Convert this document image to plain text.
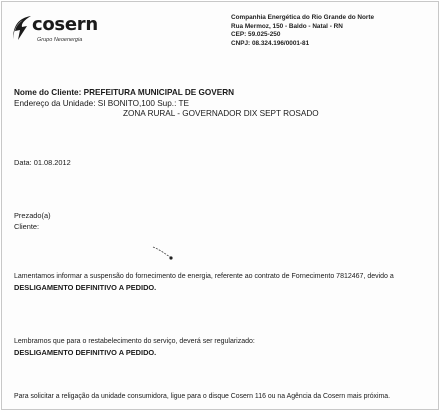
cosern
Grupo Neoenergia
Companhia Energética do Rio Grande do Norte
Rua Mermoz, 150 - Baldo - Natal - RN
CEP: 59.025-250
CNPJ: 08.324.196/0001-81
Nome do Cliente: PREFEITURA MUNICIPAL DE GOVERN
Endereço da Unidade: SI BONITO,100 Sup.: TE
ZONA RURAL - GOVERNADOR DIX SEPT ROSADO
Data: 01.08.2012
Prezado(a)
Cliente:
Lamentamos informar a suspensão do fornecimento de energia, referente ao contrato de Fornecimento 7812467, devido a
DESLIGAMENTO DEFINITIVO A PEDIDO.
Lembramos que para o restabelecimento do serviço, deverá ser regularizado:
DESLIGAMENTO DEFINITIVO A PEDIDO.
Para solicitar a religação da unidade consumidora, ligue para o disque Cosern 116 ou na Agência da Cosern mais próxima.
